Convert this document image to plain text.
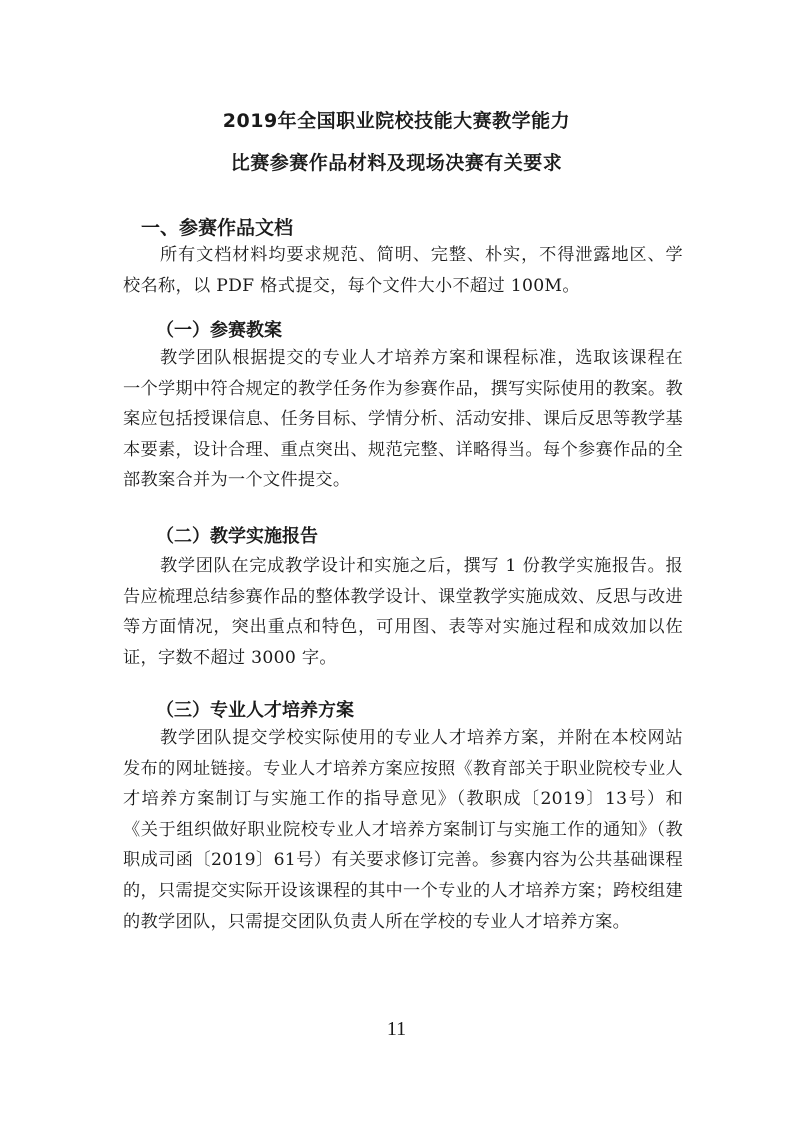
2019年全国职业院校技能大赛教学能力
比赛参赛作品材料及现场决赛有关要求
一、参赛作品文档
所有文档材料均要求规范、简明、完整、朴实，不得泄露地区、学校名称，以 PDF 格式提交，每个文件大小不超过 100M。
（一）参赛教案
教学团队根据提交的专业人才培养方案和课程标准，选取该课程在一个学期中符合规定的教学任务作为参赛作品，撰写实际使用的教案。教案应包括授课信息、任务目标、学情分析、活动安排、课后反思等教学基本要素，设计合理、重点突出、规范完整、详略得当。每个参赛作品的全部教案合并为一个文件提交。
（二）教学实施报告
教学团队在完成教学设计和实施之后，撰写 1 份教学实施报告。报告应梳理总结参赛作品的整体教学设计、课堂教学实施成效、反思与改进等方面情况，突出重点和特色，可用图、表等对实施过程和成效加以佐证，字数不超过 3000 字。
（三）专业人才培养方案
教学团队提交学校实际使用的专业人才培养方案，并附在本校网站发布的网址链接。专业人才培养方案应按照《教育部关于职业院校专业人才培养方案制订与实施工作的指导意见》（教职成〔2019〕13号）和《关于组织做好职业院校专业人才培养方案制订与实施工作的通知》（教职成司函〔2019〕61号）有关要求修订完善。参赛内容为公共基础课程的，只需提交实际开设该课程的其中一个专业的人才培养方案；跨校组建的教学团队，只需提交团队负责人所在学校的专业人才培养方案。
11
